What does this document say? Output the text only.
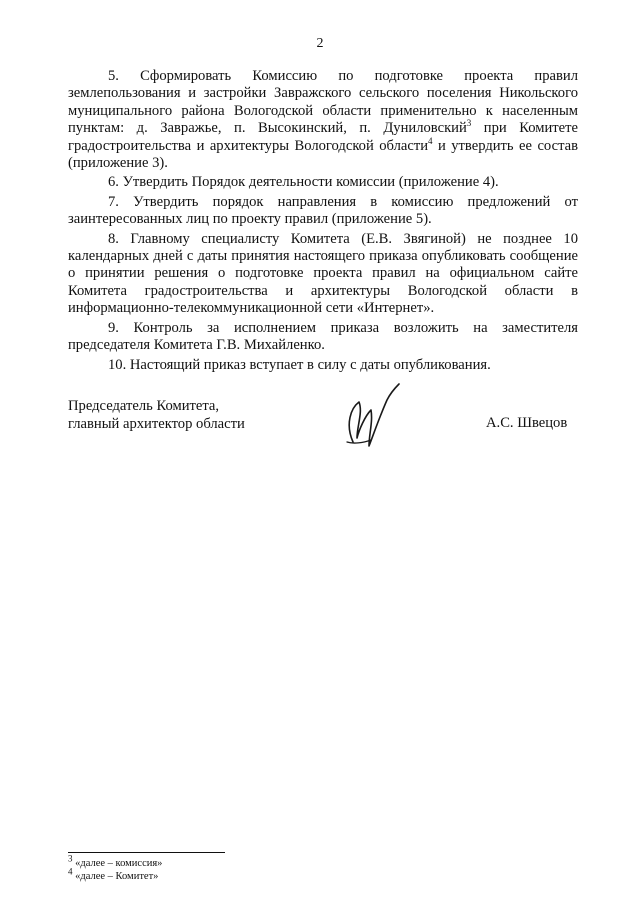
2

5. Сформировать Комиссию по подготовке проекта правил землепользования и застройки Завражского сельского поселения Никольского муниципального района Вологодской области применительно к населенным пунктам: д. Завражье, п. Высокинский, п. Дуниловский$^3$ при Комитете градостроительства и архитектуры Вологодской области$^4$ и утвердить ее состав (приложение 3).

6. Утвердить Порядок деятельности комиссии (приложение 4).

7. Утвердить порядок направления в комиссию предложений от заинтересованных лиц по проекту правил (приложение 5).

8. Главному специалисту Комитета (Е.В. Звягиной) не позднее 10 календарных дней с даты принятия настоящего приказа опубликовать сообщение о принятии решения о подготовке проекта правил на официальном сайте Комитета градостроительства и архитектуры Вологодской области в информационно-телекоммуникационной сети «Интернет».

9. Контроль за исполнением приказа возложить на заместителя председателя Комитета Г.В. Михайленко.

10. Настоящий приказ вступает в силу с даты опубликования.

Председатель Комитета,
главный архитектор области	А.С. Швецов
$^3$ «далее – комиссия»
$^4$ «далее – Комитет»
